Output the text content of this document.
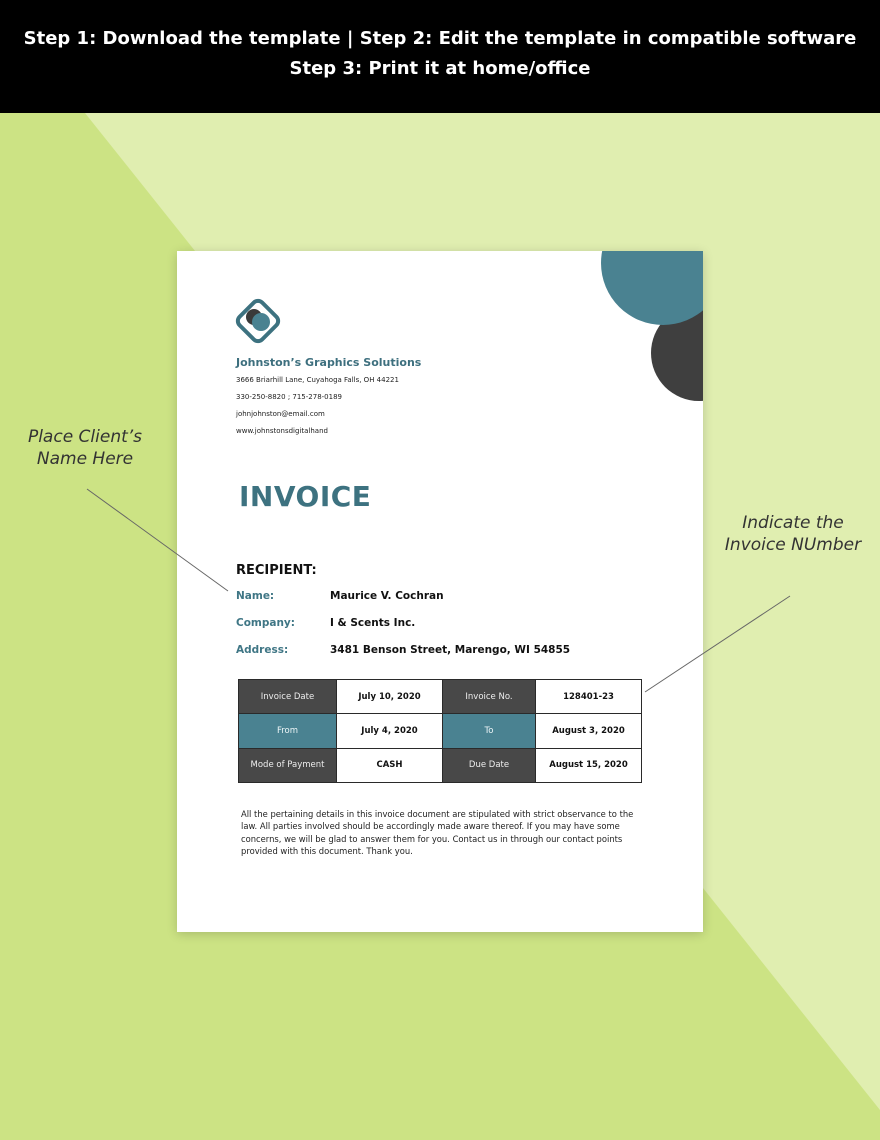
Step 1: Download the template | Step 2: Edit the template in compatible software
Step 3: Print it at home/office
Johnston’s Graphics Solutions
3666 Briarhill Lane, Cuyahoga Falls, OH 44221
330-250-8820 ; 715-278-0189
johnjohnston@email.com
www.johnstonsdigitalhand
INVOICE
RECIPIENT:
Name:	Maurice V. Cochran
Company:	I & Scents Inc.
Address:	3481 Benson Street, Marengo, WI 54855
Invoice Date	July 10, 2020	Invoice No.	128401-23
From	July 4, 2020	To	August 3, 2020
Mode of Payment	CASH	Due Date	August 15, 2020
All the pertaining details in this invoice document are stipulated with strict observance to the law. All parties involved should be accordingly made aware thereof. If you may have some concerns, we will be glad to answer them for you. Contact us in through our contact points provided with this document. Thank you.
Place Client’s Name Here
Indicate the Invoice NUmber
